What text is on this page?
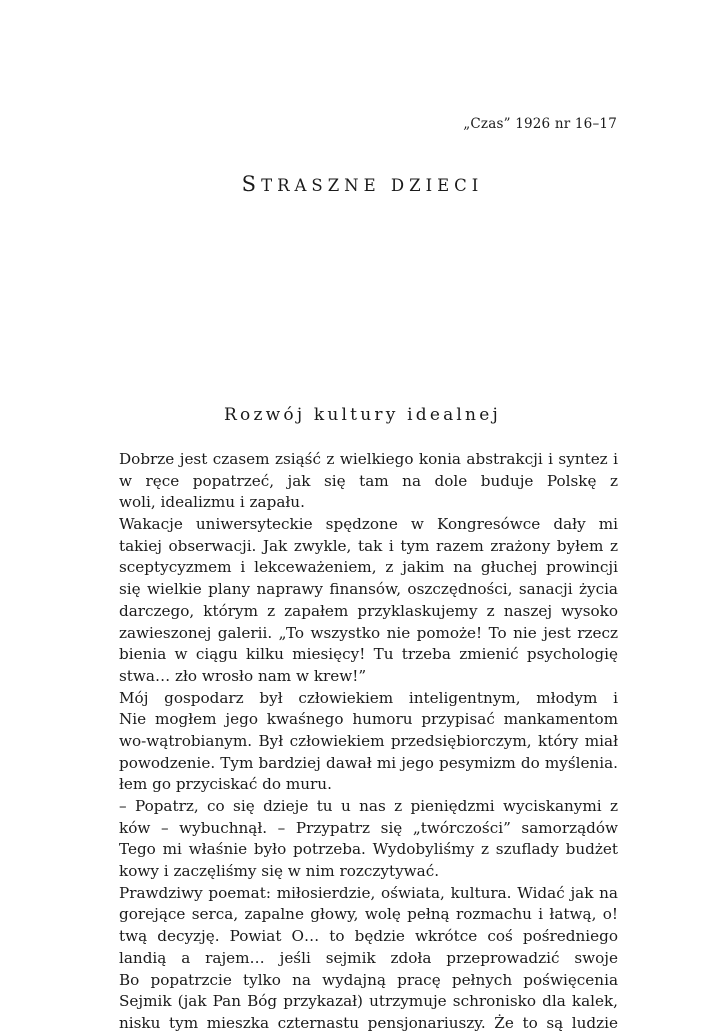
„Czas” 1926 nr 16–17
STRASZNE DZIECI
Rozwój kultury idealnej
Dobrze jest czasem zsiąść z wielkiego konia abstrakcji i syntez i
w ręce popatrzeć, jak się tam na dole buduje Polskę z
woli, idealizmu i zapału.
Wakacje uniwersyteckie spędzone w Kongresówce dały mi
takiej obserwacji. Jak zwykle, tak i tym razem zrażony byłem z
sceptycyzmem i lekceważeniem, z jakim na głuchej prowincji
się wielkie plany naprawy finansów, oszczędności, sanacji życia
darczego, którym z zapałem przyklaskujemy z naszej wysoko
zawieszonej galerii. „To wszystko nie pomoże! To nie jest rzecz
bienia w ciągu kilku miesięcy! Tu trzeba zmienić psychologię
stwa… zło wrosło nam w krew!”
Mój gospodarz był człowiekiem inteligentnym, młodym i
Nie mogłem jego kwaśnego humoru przypisać mankamentom
wo-wątrobianym. Był człowiekiem przedsiębiorczym, który miał
powodzenie. Tym bardziej dawał mi jego pesymizm do myślenia.
łem go przyciskać do muru.
– Popatrz, co się dzieje tu u nas z pieniędzmi wyciskanymi z
ków – wybuchnął. – Przypatrz się „twórczości” samorządów
Tego mi właśnie było potrzeba. Wydobyliśmy z szuflady budżet
kowy i zaczęliśmy się w nim rozczytywać.
Prawdziwy poemat: miłosierdzie, oświata, kultura. Widać jak na
gorejące serca, zapalne głowy, wolę pełną rozmachu i łatwą, o!
twą decyzję. Powiat O… to będzie wkrótce coś pośredniego
landią a rajem… jeśli sejmik zdoła przeprowadzić swoje
Bo popatrzcie tylko na wydajną pracę pełnych poświęcenia
Sejmik (jak Pan Bóg przykazał) utrzymuje schronisko dla kalek,
nisku tym mieszka czternastu pensjonariuszy. Że to są ludzie
